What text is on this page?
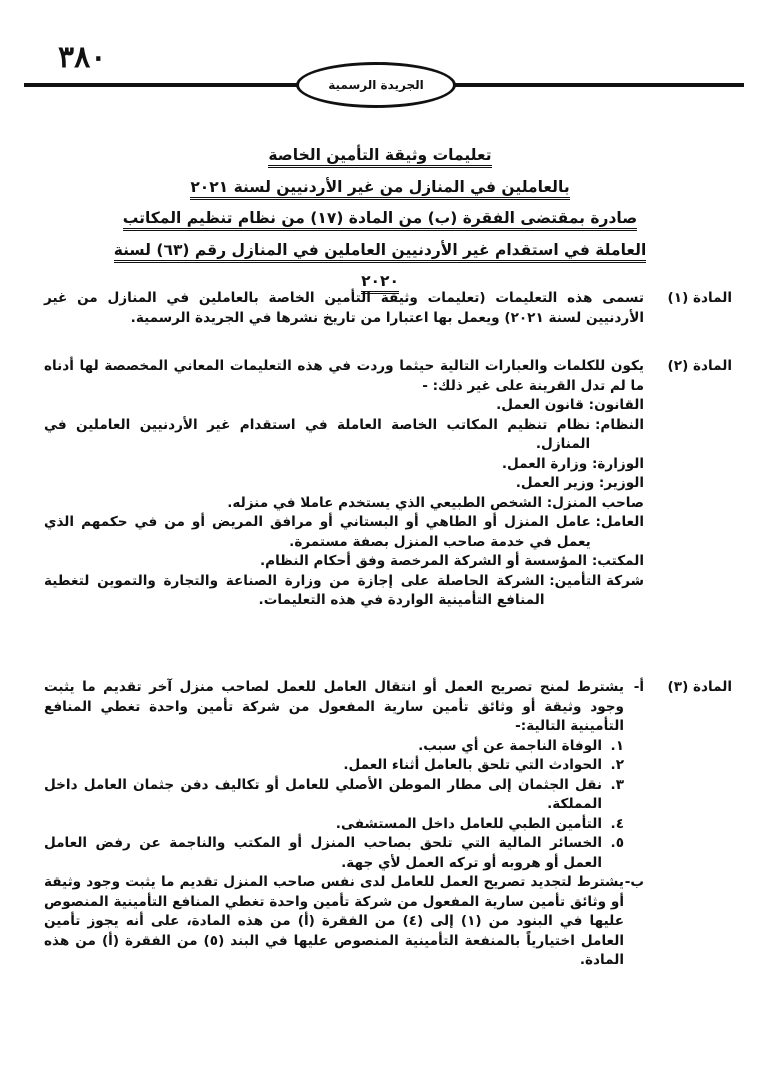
٣٨٠
الجريدة الرسمية
تعليمات وثيقة التأمين الخاصة
بالعاملين في المنازل من غير الأردنيين لسنة ٢٠٢١
صادرة بمقتضى الفقرة (ب) من المادة (١٧) من نظام تنظيم المكاتب
العاملة في استقدام غير الأردنيين العاملين في المنازل رقم (٦٣) لسنة ٢٠٢٠
المادة (١)
تسمى هذه التعليمات (تعليمات وثيقة التأمين الخاصة بالعاملين في المنازل من غير الأردنيين لسنة ٢٠٢١) ويعمل بها اعتبارا من تاريخ نشرها في الجريدة الرسمية.
المادة (٢)
يكون للكلمات والعبارات التالية حيثما وردت في هذه التعليمات المعاني المخصصة لها أدناه ما لم تدل القرينة على غير ذلك: -
القانون:

قانون العمل.
النظام:

نظام تنظيم المكاتب الخاصة العاملة في استقدام غير الأردنيين العاملين في المنازل.
الوزارة:

وزارة العمل.
الوزير:

وزير العمل.
صاحب المنزل:

الشخص الطبيعي الذي يستخدم عاملا في منزله.
العامل:

عامل المنزل أو الطاهي أو البستاني أو مرافق المريض أو من في حكمهم الذي يعمل في خدمة صاحب المنزل بصفة مستمرة.
المكتب:

المؤسسة أو الشركة المرخصة وفق أحكام النظام.
شركة التأمين:

الشركة الحاصلة على إجازة من وزارة الصناعة والتجارة والتموين لتغطية المنافع التأمينية الواردة في هذه التعليمات.
المادة (٣)
أ-
يشترط لمنح تصريح العمل أو انتقال العامل للعمل لصاحب منزل آخر تقديم ما يثبت وجود وثيقة أو وثائق تأمين سارية المفعول من شركة تأمين واحدة تغطي المنافع التأمينية التالية:-
١.
الوفاة الناجمة عن أي سبب.
٢.
الحوادث التي تلحق بالعامل أثناء العمل.
٣.
نقل الجثمان إلى مطار الموطن الأصلي للعامل أو تكاليف دفن جثمان العامل داخل المملكة.
٤.
التأمين الطبي للعامل داخل المستشفى.
٥.
الخسائر المالية التي تلحق بصاحب المنزل أو المكتب والناجمة عن رفض العامل العمل أو هروبه أو تركه العمل لأي جهة.
ب-
يشترط لتجديد تصريح العمل للعامل لدى نفس صاحب المنزل تقديم ما يثبت وجود وثيقة أو وثائق تأمين سارية المفعول من شركة تأمين واحدة تغطي المنافع التأمينية المنصوص عليها في البنود من (١) إلى (٤) من الفقرة (أ) من هذه المادة، على أنه يجوز تأمين العامل اختيارياً بالمنفعة التأمينية المنصوص عليها في البند (٥) من الفقرة (أ) من هذه المادة.
